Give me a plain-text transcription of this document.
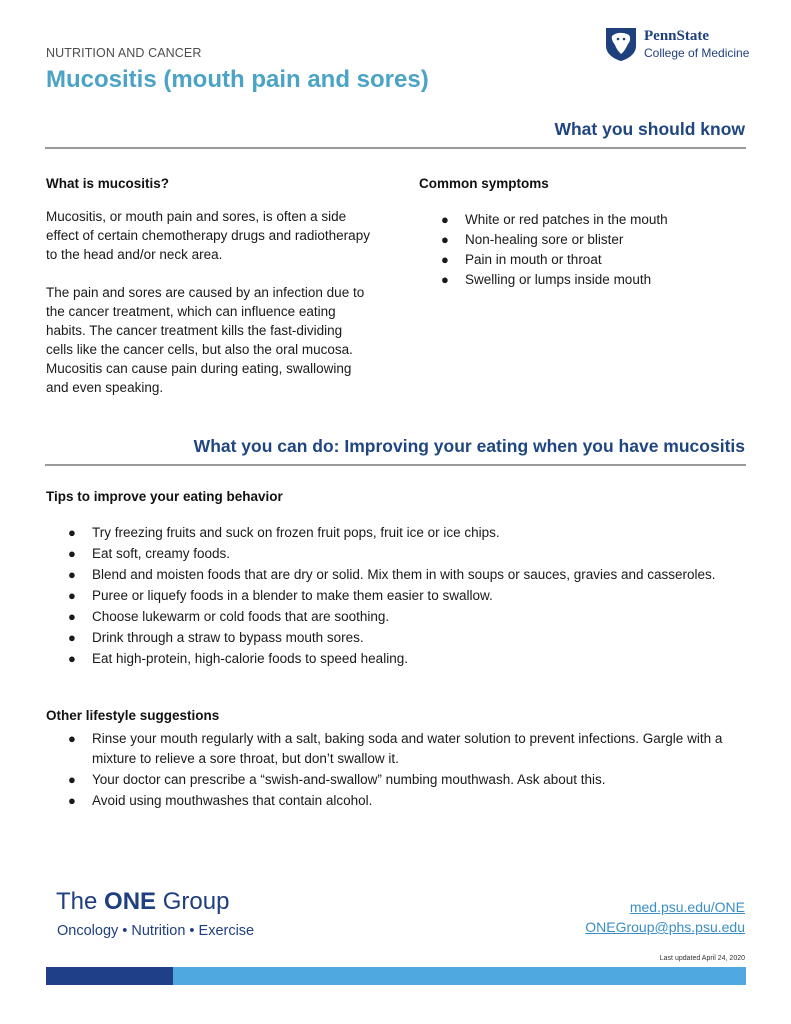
NUTRITION AND CANCER
Mucositis (mouth pain and sores)
PennState
College of Medicine
What you should know
What is mucositis?

Mucositis, or mouth pain and sores, is often a side effect of certain chemotherapy drugs and radiotherapy to the head and/or neck area.

The pain and sores are caused by an infection due to the cancer treatment, which can influence eating habits. The cancer treatment kills the fast-dividing cells like the cancer cells, but also the oral mucosa. Mucositis can cause pain during eating, swallowing and even speaking.

Common symptoms
● White or red patches in the mouth
● Non-healing sore or blister
● Pain in mouth or throat
● Swelling or lumps inside mouth
What you can do: Improving your eating when you have mucositis
Tips to improve your eating behavior
● Try freezing fruits and suck on frozen fruit pops, fruit ice or ice chips.
● Eat soft, creamy foods.
● Blend and moisten foods that are dry or solid. Mix them in with soups or sauces, gravies and casseroles.
● Puree or liquefy foods in a blender to make them easier to swallow.
● Choose lukewarm or cold foods that are soothing.
● Drink through a straw to bypass mouth sores.
● Eat high-protein, high-calorie foods to speed healing.
Other lifestyle suggestions
● Rinse your mouth regularly with a salt, baking soda and water solution to prevent infections. Gargle with a mixture to relieve a sore throat, but don’t swallow it.
● Your doctor can prescribe a “swish-and-swallow” numbing mouthwash. Ask about this.
● Avoid using mouthwashes that contain alcohol.
The ONE Group
Oncology • Nutrition • Exercise
med.psu.edu/ONE
ONEGroup@phs.psu.edu
Last updated April 24, 2020
